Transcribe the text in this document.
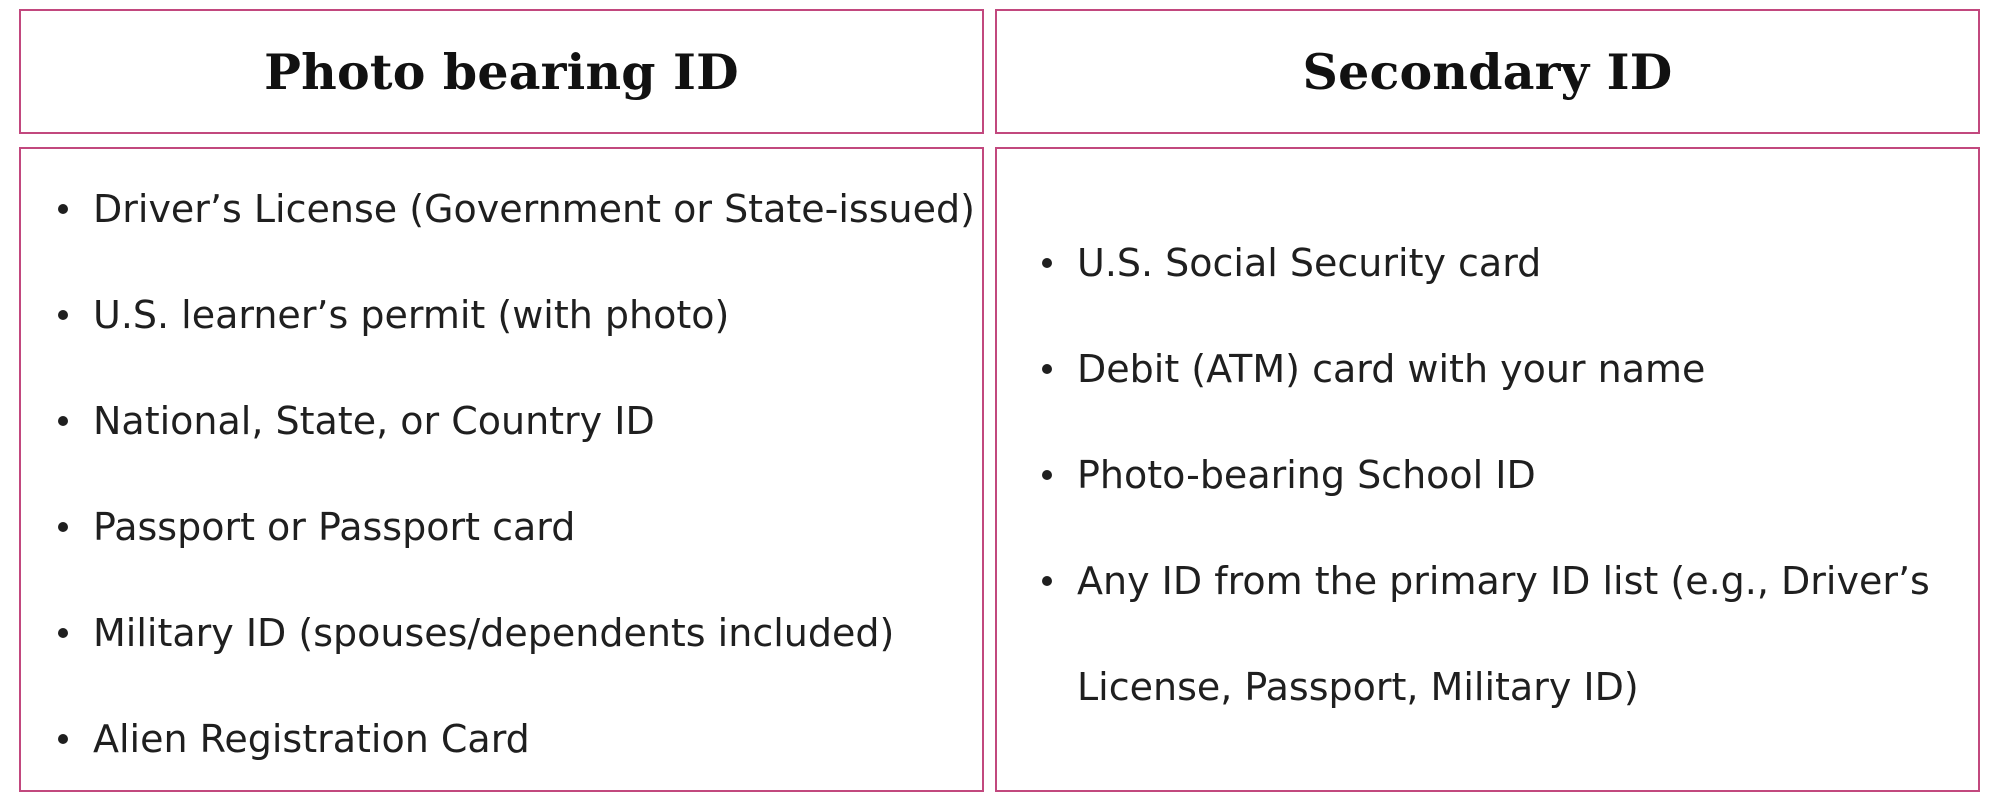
Photo bearing ID	Secondary ID
Driver’s License (Government or State-issued)
U.S. learner’s permit (with photo)
National, State, or Country ID
Passport or Passport card
Military ID (spouses/dependents included)
Alien Registration Card
U.S. Social Security card
Debit (ATM) card with your name
Photo-bearing School ID
Any ID from the primary ID list (e.g., Driver’s License, Passport, Military ID)
